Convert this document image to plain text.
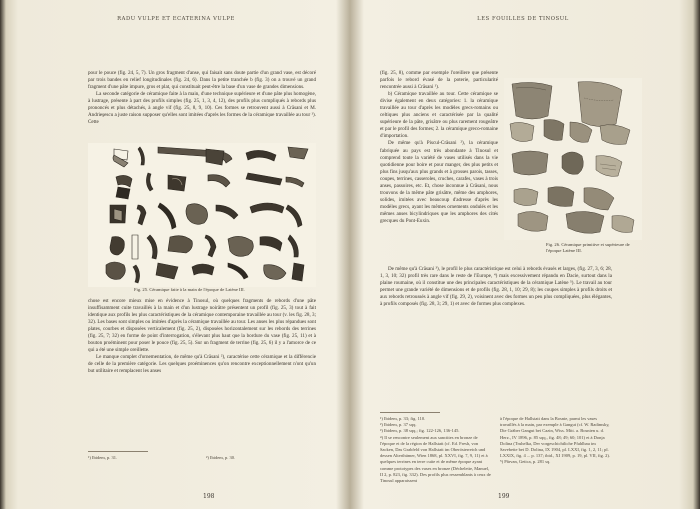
RADU VULPE ET ECATERINA VULPE

pour le pouce (fig. 24, 5, 7). Un gros fragment d'anse, qui faisait sans doute partie d'un grand vase, est décoré par trois bandes en relief longitudinales (fig. 24, 6). Dans la petite tranchée b (fig. 3) on a trouvé un grand fragment d'une pâte impure, gros et plat, qui constituait peut-être la base d'un vase de grandes dimensions.

La seconde catégorie de céramique faite à la main, d'une technique supérieure et d'une pâte plus homogène, à lustrage, présente à part des profils simples (fig. 25, 1, 3, 4, 12), des profils plus compliqués à rebords plus prononcés et plus détachés, à angle vif (fig. 25, 8, 9, 10). Ces formes se retrouvent aussi à Crăsani et M. Andrieşescu a juste raison supposer qu'elles sont imitées d'après les formes de la céramique travaillée au tour ¹). Cette

Fig. 25. Céramique faite à la main de l'époque de Latène III.

chose est encore mieux mise en évidence à Tinosul, où quelques fragments de rebords d'une pâte insuffisamment cuite travaillés à la main et d'un lustrage noirâtre présentent un profil (fig. 25, 3) tout à fait identique aux profils les plus caractéristiques de la céramique contemporaine travaillée au tour (v. les fig. 28, 3; 32). Les bases sont simples ou imitées d'après la céramique travaillée au tour. Les anses les plus répandues sont plates, courbes et disposées verticalement (fig. 25, 2), disposées horizontalement sur les rebords des terrines (fig. 25, 7; 32) en forme de point d'interrogation, s'élevant plus haut que la bordure du vase (fig. 25, 11) et à bouton proéminent pour poser le pouce (fig. 25, 5). Sur un fragment de terrine (fig. 25, 6) il y a l'amorce de ce qui a été une simple oreillette.

Le manque complet d'ornementation, de même qu'à Crăsani ²), caractérise cette céramique et la différencie de celle de la première catégorie. Les quelques proéminences qu'on rencontre exceptionnellement n'ont qu'un but utilitaire et remplacent les anses

¹) Ibidem, p. 31.	²) Ibidem, p. 30.
198
LES FOUILLES DE TINOSUL

(fig. 25, 8), comme par exemple l'oreillere que présente parfois le rebord évasé de la poterie, particularité rencontrée aussi à Crăsani ¹).

b) Céramique travaillée au tour. Cette céramique se divise également en deux catégories: 1. la céramique travaillée au tour d'après les modèles grecs-romains ou celtiques plus anciens et caractérisée par la qualité supérieure de la pâte, grisâtre ou plus rarement rougeâtre et par le profil des formes; 2. la céramique greco-romaine d'importation.

De même qu'à Piscul-Crăsani ²), la céramique fabriquée au pays est très abondante à Tinosul et comprend toute la variété de vases utilisés dans la vie quotidienne pour boire et pour manger, des plus petits et plus fins jusqu'aux plus grands et à grosses parois, tasses, coupes, terrines, casseroles, cruches, carafes, vases à trois anses, passoires, etc. Et, chose inconnue à Crăsani, nous trouvons de la même pâte grisâtre, même des amphores, solides, imitées avec beaucoup d'adresse d'après les modèles grecs, ayant les mêmes ornements ondulés et les mêmes anses bicylindriques que les amphores des cités grecques du Pont-Euxin.

Fig. 26. Céramique primitive et supérieure de l'époque Latène III.

De même qu'à Crăsani ³), le profil le plus caractéristique est celui à rebords évasés et larges, (fig. 27, 3, 6; 28, 1, 3, 10; 32) profil très rare dans le reste de l'Europe, ⁴) mais excessivement répandu en Dacie, surtout dans la plaine roumaine, où il constitue une des principales caractéristiques de la céramique Latène ⁵). Le travail au tour permet une grande variété de dimensions et de profils (fig. 28, 1, 10; 29, 8); les coupes simples à profils droits et aux rebords retroussés à angle vif (fig. 29, 2), voisinent avec des formes un peu plus compliquées, plus élégantes, à profils composés (fig. 28, 3; 29, 1) et avec de formes plus complexes.

¹) Ibidem, p. 33; fig. 110.
²) Ibidem, p. 37 sqq.
³) Ibidem, p. 38 sqq.; fig. 122-126, 136-145.
⁴) Il se rencontre seulement aux sanctites en bronze de l'époque et de la région de Hallstatt (cf. Ed. Fresh, von Sacken, Das Grabfeld von Hallstatt im Oberösterreich und dessen Alterthümer, Wien 1868, pl. XXVI, fig. 7, 9, 11) et à quelques terrines en terre cuite et de même époque ayant comme prototypes des vases en bronze (Déchelette, Manuel, II 2, p. 823, fig. 332). Des profils plus ressemblants à ceux de Tinosul apparaissent
à l'époque de Hallstatt dans la Bosnie, parmi les vases travaillés à la main, par exemple à Gangut (cf. W. Radimsky, Die Gräber Gangut bei Cazin, Wiss. Mitt. a. Bosnien u. d. Herz., IV 1896, p. 85 sqq., fig. 48; 49; 60; 101) et à Donja Dolina (Truhelka, Der vorgeschichtliche Pfahlbau im Savebette bei D. Dolina, IX 1904, pl. LXXI, fig. 1, 2, 11; pl. LXXIX, fig. 4 ... p. 137; ibid., XI 1909, p. 19, pl. VII, fig. 2).
⁵) Pârvan, Getica, p. 281 sq.
199
